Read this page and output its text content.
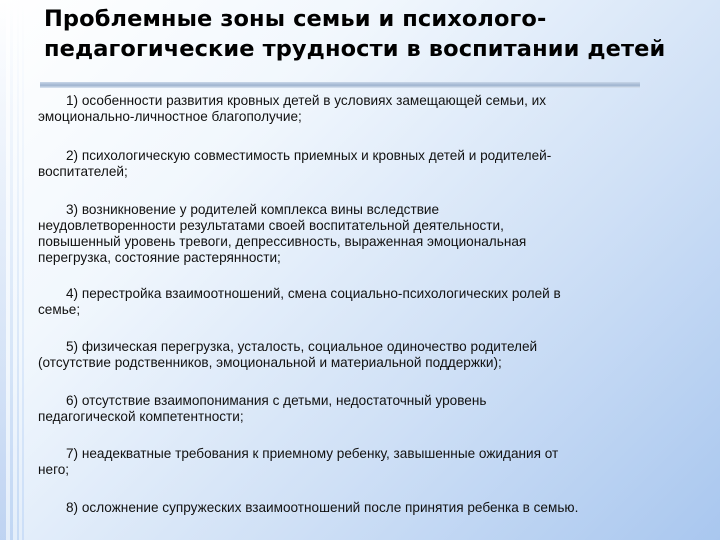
Проблемные зоны семьи и психолого-
педагогические трудности в воспитании детей
1) особенности развития кровных детей в условиях замещающей семьи, их
эмоционально-личностное благополучие;
2) психологическую совместимость приемных и кровных детей и родителей-
воспитателей;
3) возникновение у родителей комплекса вины вследствие
неудовлетворенности результатами своей воспитательной деятельности,
повышенный уровень тревоги, депрессивность, выраженная эмоциональная
перегрузка, состояние растерянности;
4) перестройка взаимоотношений, смена социально-психологических ролей в
семье;
5) физическая перегрузка, усталость, социальное одиночество родителей
(отсутствие родственников, эмоциональной и материальной поддержки);
6) отсутствие взаимопонимания с детьми, недостаточный уровень
педагогической компетентности;
7) неадекватные требования к приемному ребенку, завышенные ожидания от
него;
8) осложнение супружеских взаимоотношений после принятия ребенка в семью.
